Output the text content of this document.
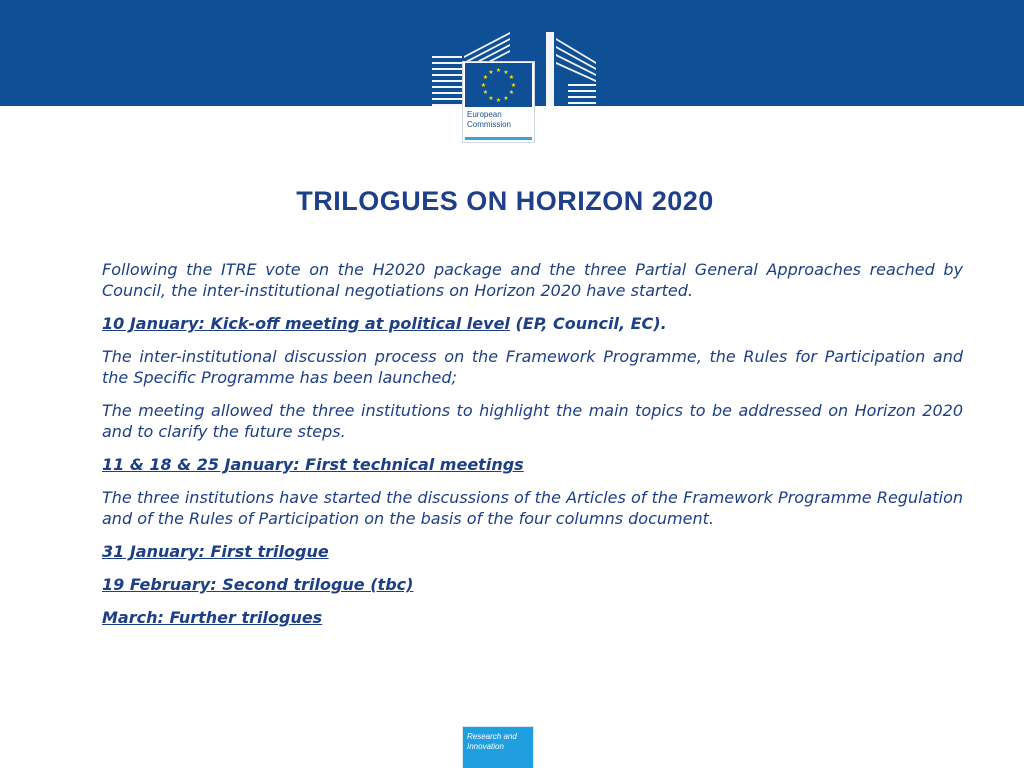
★ ★
★
★
★
★
★
★
★
★
★
★
European
Commission
TRILOGUES ON HORIZON 2020

Following the ITRE vote on the H2020 package and the three Partial General Approaches reached by Council, the inter-institutional negotiations on Horizon 2020 have started.

10 January: Kick-off meeting at political level (EP, Council, EC).

The inter-institutional discussion process on the Framework Programme, the Rules for Participation and the Specific Programme has been launched;

The meeting allowed the three institutions to highlight the main topics to be addressed on Horizon 2020 and to clarify the future steps.

11 & 18 & 25 January: First technical meetings

The three institutions have started the discussions of the Articles of the Framework Programme Regulation and of the Rules of Participation on the basis of the four columns document.

31 January: First trilogue

19 February: Second trilogue (tbc)

March: Further trilogues

Research and
Innovation
